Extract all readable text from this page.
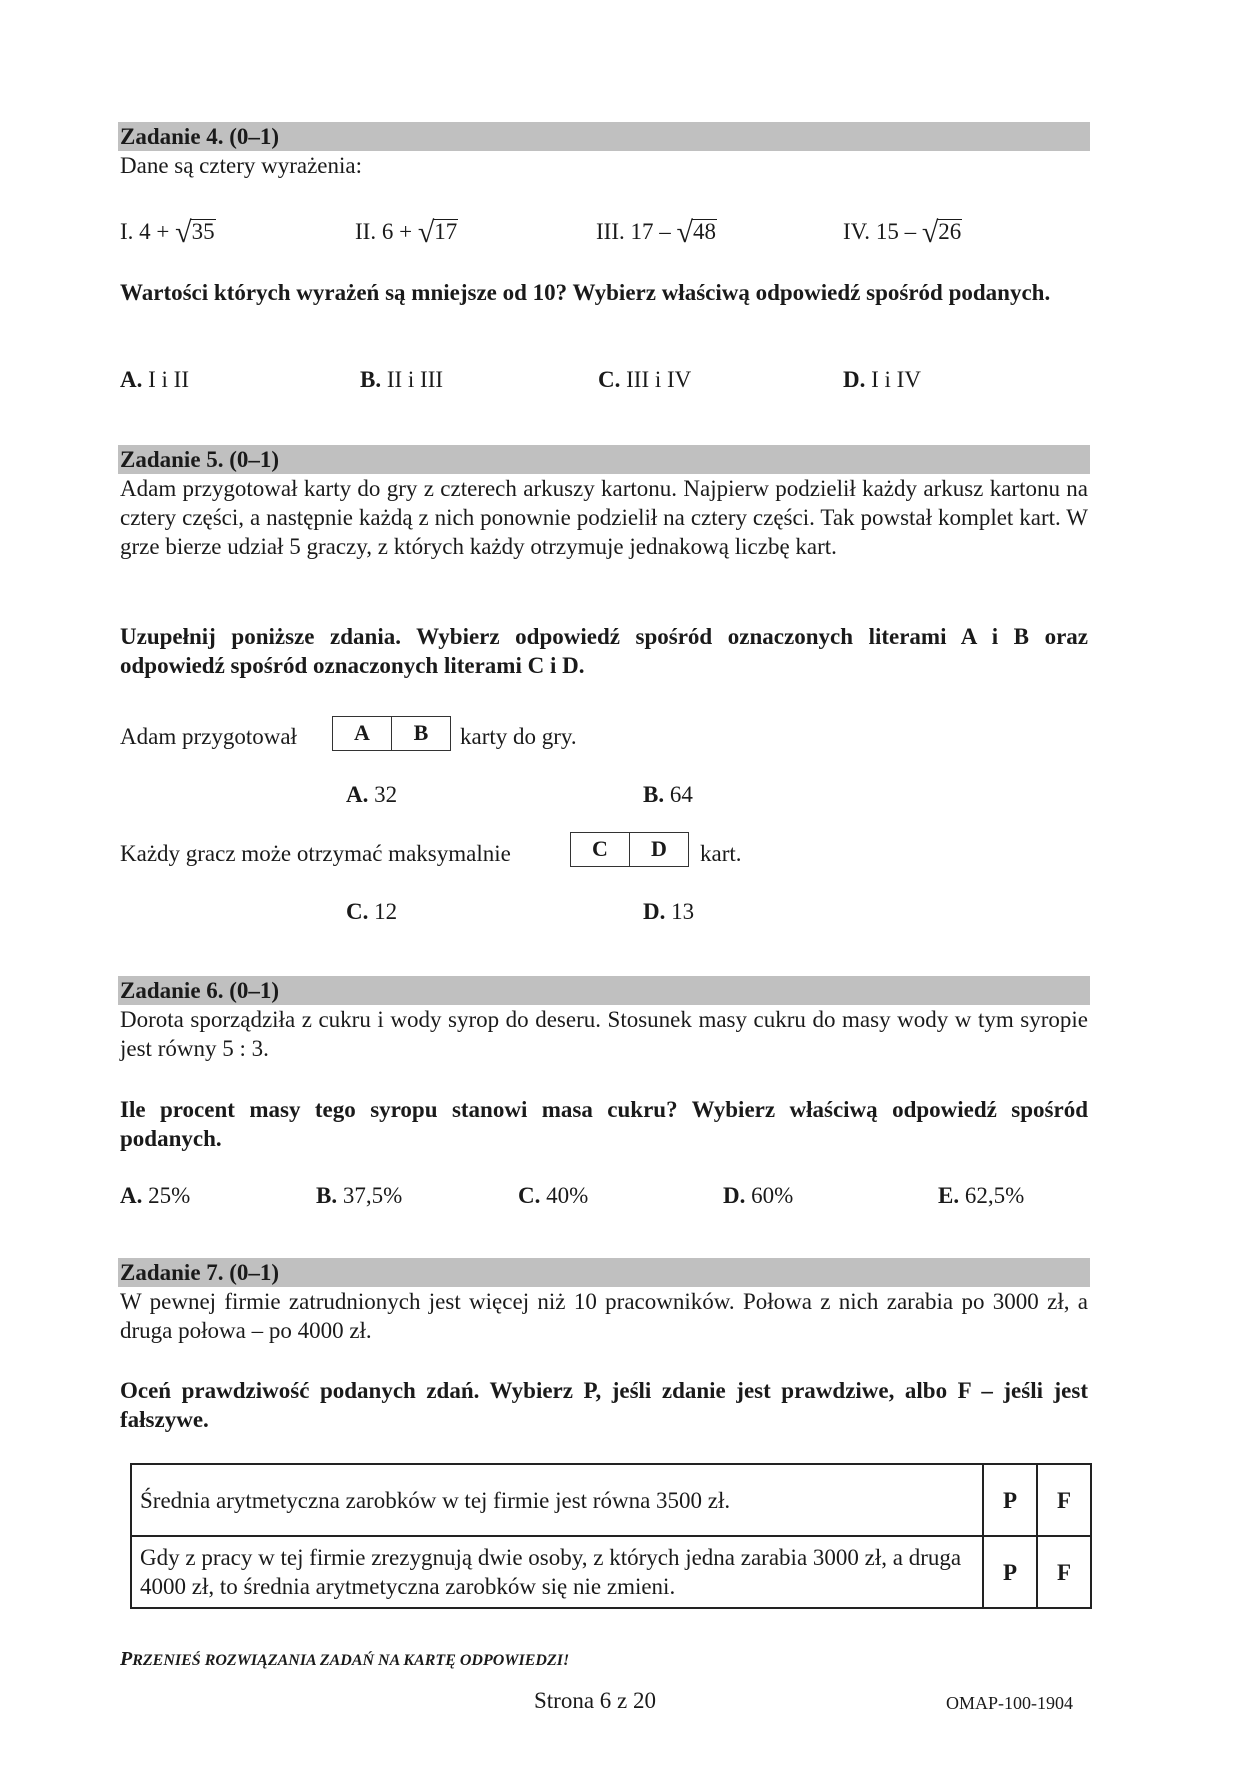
Zadanie 4. (0–1)
Dane są cztery wyrażenia:
I. 4 + √35	II. 6 + √17	III. 17 – √48	IV. 15 – √26
Wartości których wyrażeń są mniejsze od 10? Wybierz właściwą odpowiedź spośród podanych.
A. I i II	B. II i III	C. III i IV	D. I i IV
Zadanie 5. (0–1)
Adam przygotował karty do gry z czterech arkuszy kartonu. Najpierw podzielił każdy arkusz kartonu na cztery części, a następnie każdą z nich ponownie podzielił na cztery części. Tak powstał komplet kart. W grze bierze udział 5 graczy, z których każdy otrzymuje jednakową liczbę kart.
Uzupełnij poniższe zdania. Wybierz odpowiedź spośród oznaczonych literami A i B oraz odpowiedź spośród oznaczonych literami C i D.
Adam przygotował	A	B	karty do gry.
A. 32	B. 64
Każdy gracz może otrzymać maksymalnie	C	D	kart.
C. 12	D. 13
Zadanie 6. (0–1)
Dorota sporządziła z cukru i wody syrop do deseru. Stosunek masy cukru do masy wody w tym syropie jest równy 5 : 3.
Ile procent masy tego syropu stanowi masa cukru? Wybierz właściwą odpowiedź spośród podanych.
A. 25%	B. 37,5%	C. 40%	D. 60%	E. 62,5%
Zadanie 7. (0–1)
W pewnej firmie zatrudnionych jest więcej niż 10 pracowników. Połowa z nich zarabia po 3000 zł, a druga połowa – po 4000 zł.
Oceń prawdziwość podanych zdań. Wybierz P, jeśli zdanie jest prawdziwe, albo F – jeśli jest fałszywe.
Średnia arytmetyczna zarobków w tej firmie jest równa 3500 zł.	P	F
Gdy z pracy w tej firmie zrezygnują dwie osoby, z których jedna zarabia 3000 zł, a druga 4000 zł, to średnia arytmetyczna zarobków się nie zmieni.	P	F
PRZENIEŚ ROZWIĄZANIA ZADAŃ NA KARTĘ ODPOWIEDZI!
Strona 6 z 20	OMAP-100-1904
